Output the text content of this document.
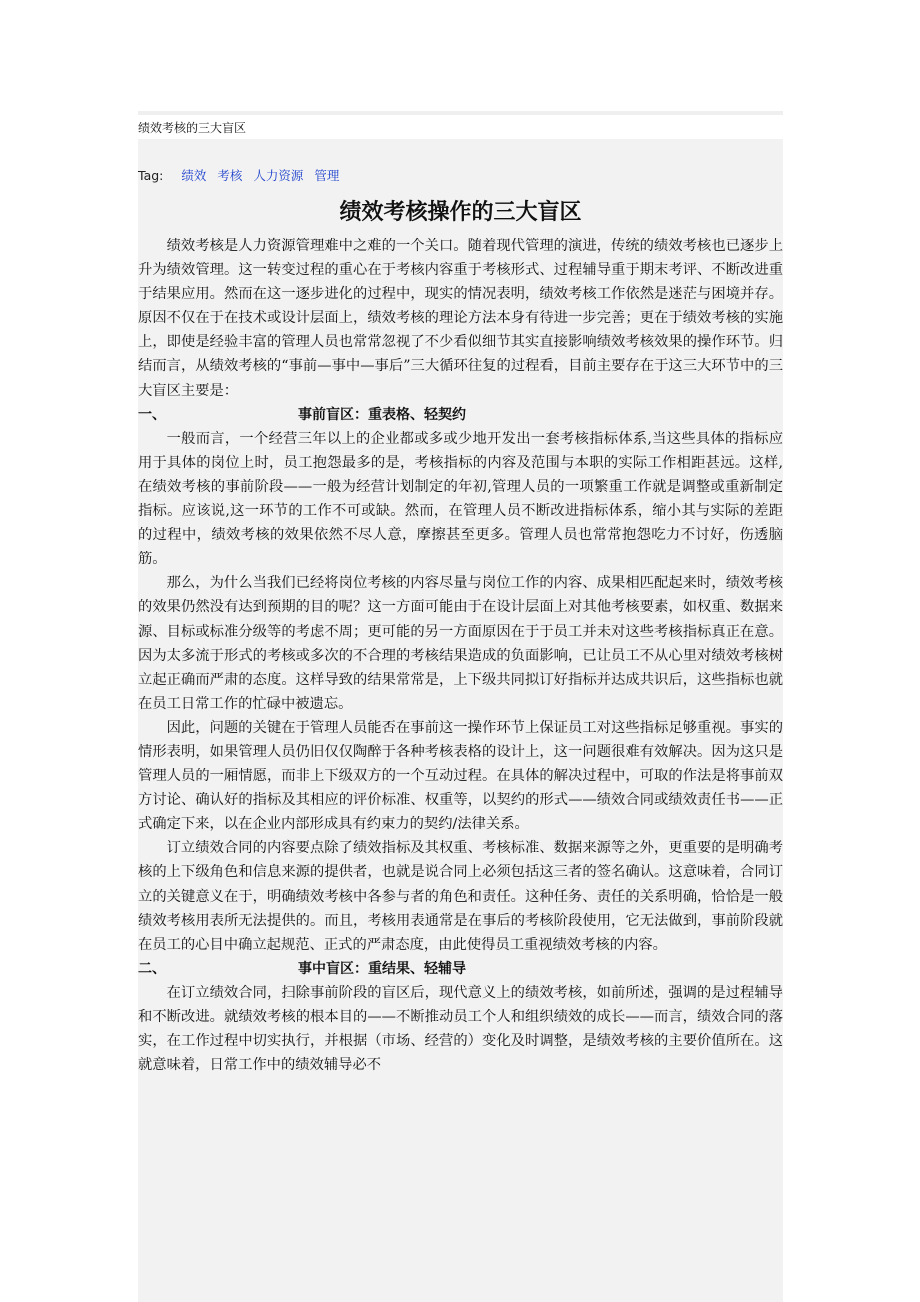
绩效考核的三大盲区
Tag: 绩效 考核 人力资源 管理
绩效考核操作的三大盲区

绩效考核是人力资源管理难中之难的一个关口。随着现代管理的演进，传统的绩效考核也已逐步上升为绩效管理。这一转变过程的重心在于考核内容重于考核形式、过程辅导重于期末考评、不断改进重于结果应用。然而在这一逐步进化的过程中，现实的情况表明，绩效考核工作依然是迷茫与困境并存。原因不仅在于在技术或设计层面上，绩效考核的理论方法本身有待进一步完善；更在于绩效考核的实施上，即使是经验丰富的管理人员也常常忽视了不少看似细节其实直接影响绩效考核效果的操作环节。归结而言，从绩效考核的“事前—事中—事后”三大循环往复的过程看，目前主要存在于这三大环节中的三大盲区主要是：

一、	事前盲区：重表格、轻契约

一般而言，一个经营三年以上的企业都或多或少地开发出一套考核指标体系,当这些具体的指标应用于具体的岗位上时，员工抱怨最多的是，考核指标的内容及范围与本职的实际工作相距甚远。这样,在绩效考核的事前阶段——一般为经营计划制定的年初,管理人员的一项繁重工作就是调整或重新制定指标。应该说,这一环节的工作不可或缺。然而，在管理人员不断改进指标体系，缩小其与实际的差距的过程中，绩效考核的效果依然不尽人意，摩擦甚至更多。管理人员也常常抱怨吃力不讨好，伤透脑筋。

那么，为什么当我们已经将岗位考核的内容尽量与岗位工作的内容、成果相匹配起来时，绩效考核的效果仍然没有达到预期的目的呢？这一方面可能由于在设计层面上对其他考核要素，如权重、数据来源、目标或标准分级等的考虑不周；更可能的另一方面原因在于于员工并未对这些考核指标真正在意。因为太多流于形式的考核或多次的不合理的考核结果造成的负面影响，已让员工不从心里对绩效考核树立起正确而严肃的态度。这样导致的结果常常是，上下级共同拟订好指标并达成共识后，这些指标也就在员工日常工作的忙碌中被遗忘。

因此，问题的关键在于管理人员能否在事前这一操作环节上保证员工对这些指标足够重视。事实的情形表明，如果管理人员仍旧仅仅陶醉于各种考核表格的设计上，这一问题很难有效解决。因为这只是管理人员的一厢情愿，而非上下级双方的一个互动过程。在具体的解决过程中，可取的作法是将事前双方讨论、确认好的指标及其相应的评价标准、权重等，以契约的形式——绩效合同或绩效责任书——正式确定下来，以在企业内部形成具有约束力的契约/法律关系。

订立绩效合同的内容要点除了绩效指标及其权重、考核标准、数据来源等之外，更重要的是明确考核的上下级角色和信息来源的提供者，也就是说合同上必须包括这三者的签名确认。这意味着，合同订立的关键意义在于，明确绩效考核中各参与者的角色和责任。这种任务、责任的关系明确，恰恰是一般绩效考核用表所无法提供的。而且，考核用表通常是在事后的考核阶段使用，它无法做到，事前阶段就在员工的心目中确立起规范、正式的严肃态度，由此使得员工重视绩效考核的内容。

二、	事中盲区：重结果、轻辅导

在订立绩效合同，扫除事前阶段的盲区后，现代意义上的绩效考核，如前所述，强调的是过程辅导和不断改进。就绩效考核的根本目的——不断推动员工个人和组织绩效的成长——而言，绩效合同的落实，在工作过程中切实执行，并根据（市场、经营的）变化及时调整，是绩效考核的主要价值所在。这就意味着，日常工作中的绩效辅导必不
